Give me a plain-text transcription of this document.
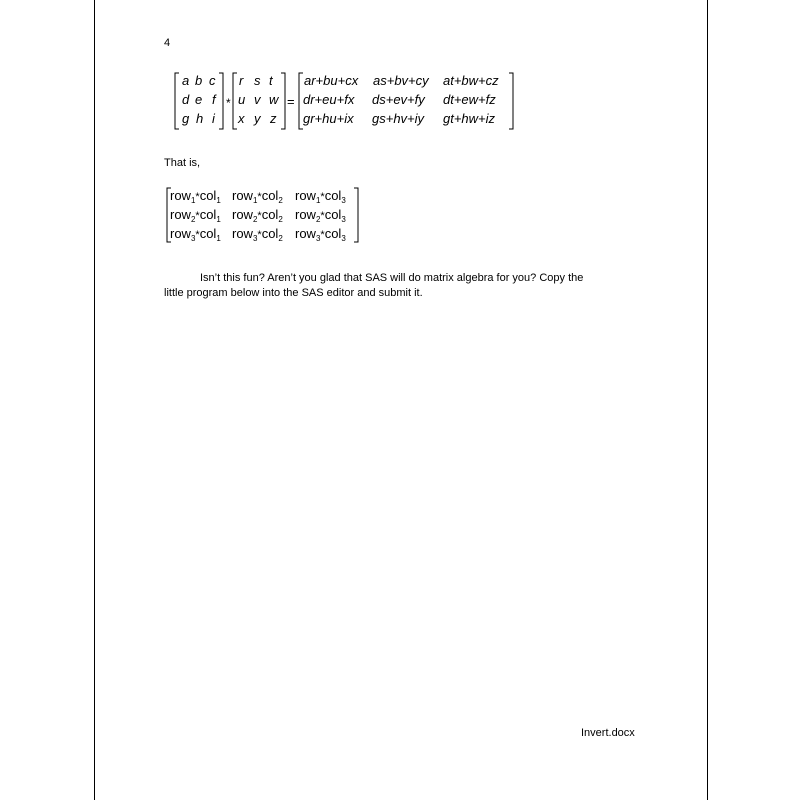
4
a b c
d e f
g h i
*
r s t
u v w
x y z
=
ar+bu+cx as+bv+cy at+bw+cz
dr+eu+fx ds+ev+fy dt+ew+fz
gr+hu+ix gs+hv+iy gt+hw+iz
That is,
row$_1$*col$_1$ row$_1$*col$_2$ row$_1$*col$_3$
row$_2$*col$_1$ row$_2$*col$_2$ row$_2$*col$_3$
row$_3$*col$_1$ row$_3$*col$_2$ row$_3$*col$_3$
Isn’t this fun? Aren’t you glad that SAS will do matrix algebra for you? Copy the
little program below into the SAS editor and submit it.
Invert.docx
